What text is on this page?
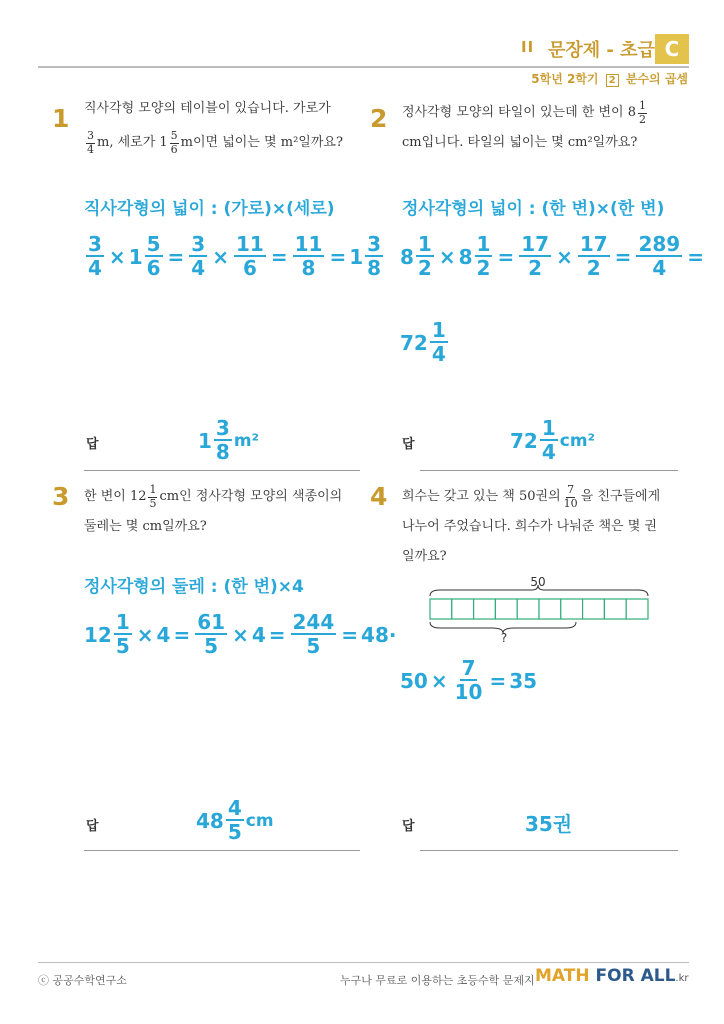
II 문장제 - 초급 C
5학년 2학기 2 분수의 곱셈
1 직사각형 모양의 테이블이 있습니다. 가로가
3
4 m, 세로가 1 5
6 m이면 넓이는 몇 m²일까요?
직사각형의 넓이 : (가로)×(세로)
$\frac{3}{4} \times 1 \frac{5}{6} = \frac{3}{4} \times \frac{11}{6} = \frac{11}{8} = 1 \frac{3}{8}$
답	$1 \frac{3}{8} m^2$
2 정사각형 모양의 타일이 있는데 한 변이 8 1
2
cm입니다. 타일의 넓이는 몇 cm²일까요?
정사각형의 넓이 : (한 변)×(한 변)
$8 \frac{1}{2} \times 8 \frac{1}{2} = \frac{17}{2} \times \frac{17}{2} = \frac{289}{4}$ =
$72 \frac{1}{4}$
답	$72 \frac{1}{4} cm^2$
3 한 변이 12 1
5 cm인 정사각형 모양의 색종이의
둘레는 몇 cm일까요?
정사각형의 둘레 : (한 변)×4
$12 \frac{1}{5} \times 4 = \frac{61}{5} \times 4 = \frac{244}{5} = 48\cdot$
답	$48 \frac{4}{5}$ cm
4 희수는 갖고 있는 책 50권의 7
10 을 친구들에게
나누어 주었습니다. 희수가 나눠준 책은 몇 권
일까요?
50
?
$50 \times \frac{7}{10} = 35$
답	35권
ⓒ 공공수학연구소	누구나 무료로 이용하는 초등수학 문제지 MATH FOR ALL.kr
